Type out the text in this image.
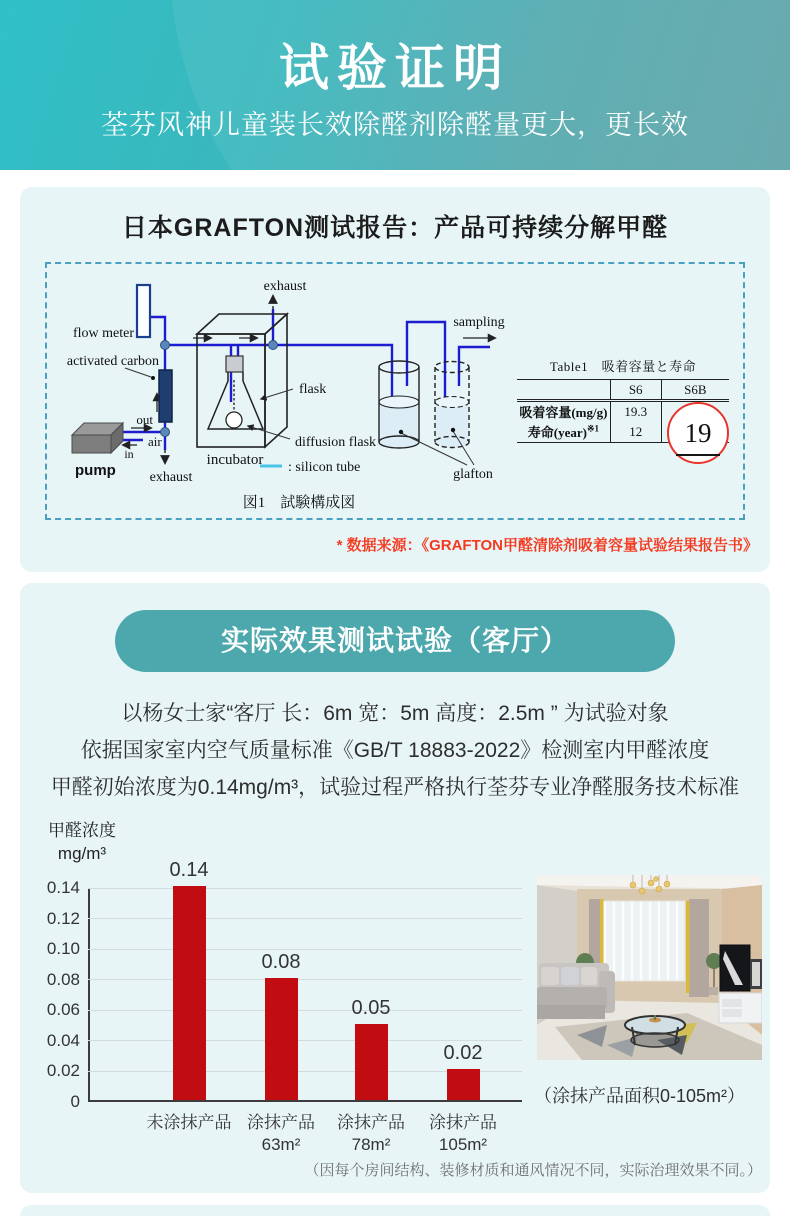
试验证明
荃芬风神儿童装长效除醛剂除醛量更大，更长效
日本GRAFTON测试报告：产品可持续分解甲醛
exhaust
flow meter
activated carbon
out
air
in
pump exhaust
incubator
flask
diffusion flask
: silicon tube	glafton
sampling
図1　試験構成図
Table1　吸着容量と寿命
	S6	S6B
吸着容量(mg/g)	19.3	
寿命(year)$^{※1}$	12	19
* 数据来源：《GRAFTON甲醛清除剂吸着容量试验结果报告书》
实际效果测试试验（客厅）
以杨女士家“客厅 长：6m 宽：5m 高度：2.5m ” 为试验对象
依据国家室内空气质量标准《GB/T 18883-2022》检测室内甲醛浓度
甲醛初始浓度为0.14mg/m³，试验过程严格执行荃芬专业净醛服务技术标准
甲醛浓度
mg/m³
0
0.02
0.04
0.06
0.08
0.10
0.12
0.14
0.14
未涂抹产品
0.08
涂抹产品
63m²
0.05
涂抹产品
78m²
0.02
涂抹产品
105m²
（涂抹产品面积0-105m²）
（因每个房间结构、装修材质和通风情况不同，实际治理效果不同。）
